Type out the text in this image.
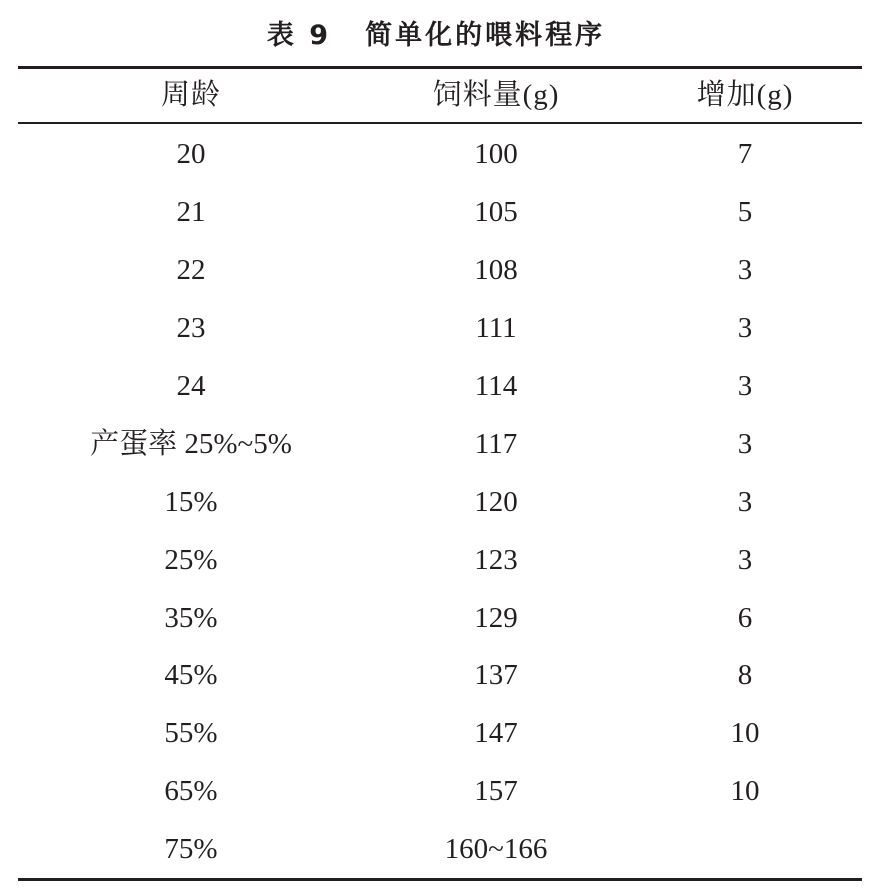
表 9 简单化的喂料程序
周龄	饲料量(g)	增加(g)
20	100	7
21	105	5
22	108	3
23	111	3
24	114	3
产蛋率 25%~5%	117	3
15%	120	3
25%	123	3
35%	129	6
45%	137	8
55%	147	10
65%	157	10
75%	160~166
